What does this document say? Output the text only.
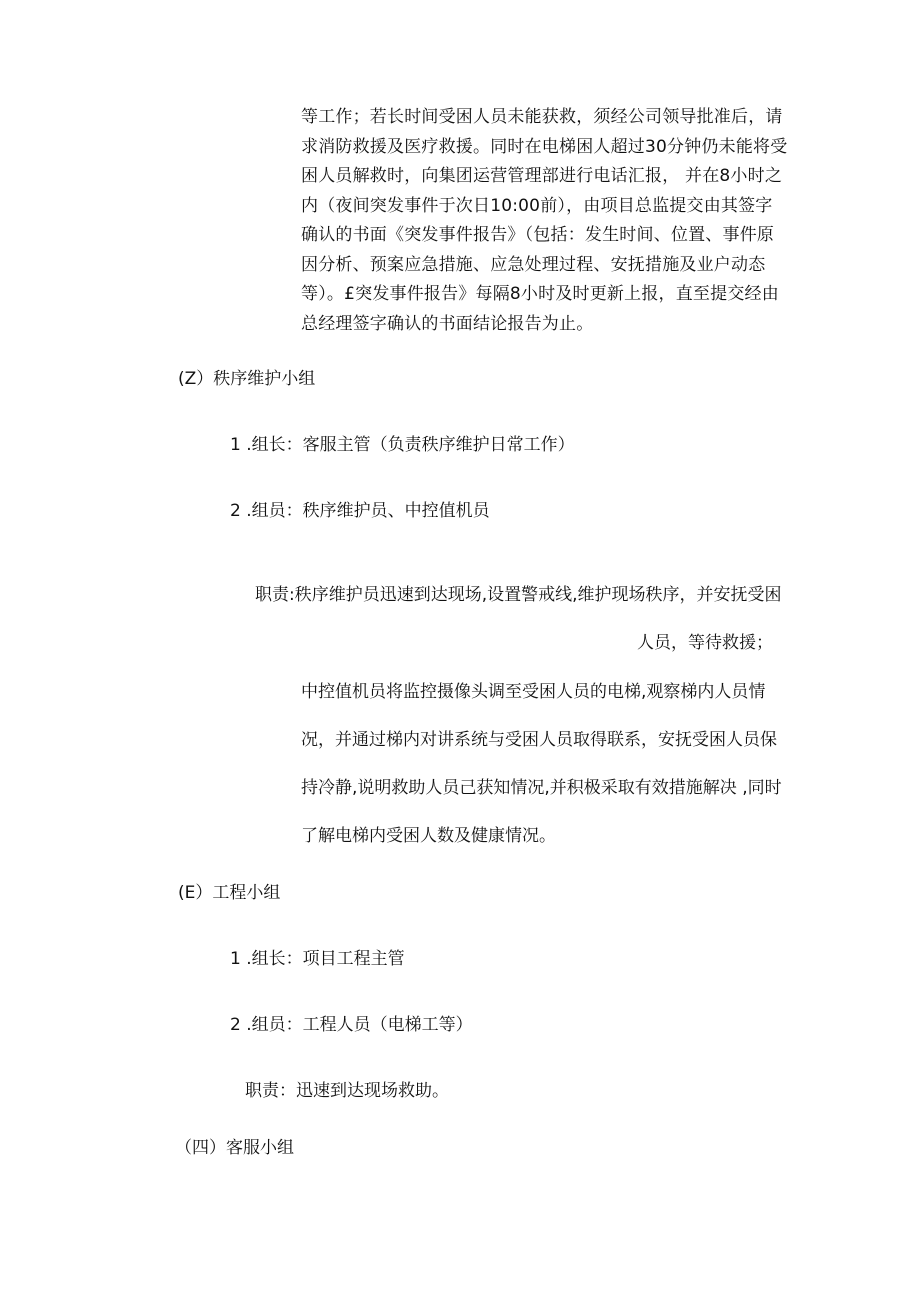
等工作；若长时间受困人员未能获救，须经公司领导批准后，请
求消防救援及医疗救援。同时在电梯困人超过30分钟仍未能将受
困人员解救时，向集团运营管理部进行电话汇报， 并在8小时之
内（夜间突发事件于次日10:00前），由项目总监提交由其签字
确认的书面《突发事件报告》（包括：发生时间、位置、事件原
因分析、预案应急措施、应急处理过程、安抚措施及业户动态
等）。£突发事件报告》每隔8小时及时更新上报，直至提交经由
总经理签字确认的书面结论报告为止。

(Z）秩序维护小组

1 .组长：客服主管（负责秩序维护日常工作）

2 .组员：秩序维护员、中控值机员

职责:秩序维护员迅速到达现场,设置警戒线,维护现场秩序，并安抚受困

人员，等待救援；

中控值机员将监控摄像头调至受困人员的电梯,观察梯内人员情

况，并通过梯内对讲系统与受困人员取得联系，安抚受困人员保

持冷静,说明救助人员己获知情况,并积极采取有效措施解决 ,同时

了解电梯内受困人数及健康情况。

(E）工程小组

1 .组长：项目工程主管

2 .组员：工程人员（电梯工等）

职责：迅速到达现场救助。

（四）客服小组
